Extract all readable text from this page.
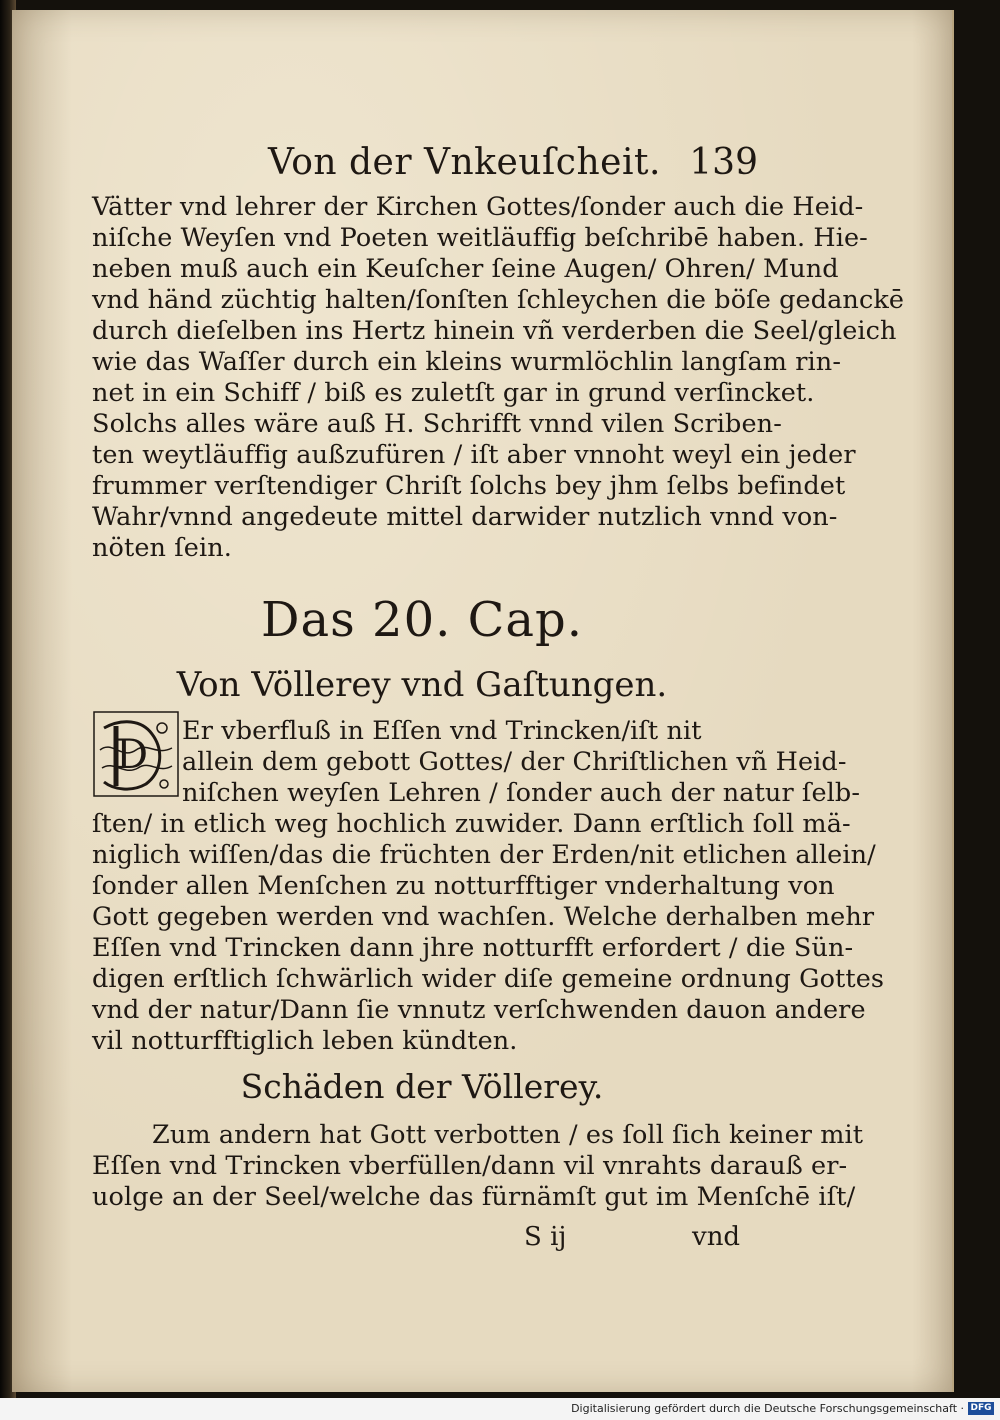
Von der Vnkeuſcheit. 139
Vätter vnd lehrer der Kirchen Gottes/ſonder auch die Heid-
niſche Weyſen vnd Poeten weitläuffig beſchribē haben. Hie-
neben muß auch ein Keuſcher ſeine Augen/ Ohren/ Mund
vnd händ züchtig halten/ſonſten ſchleychen die böſe gedanckē
durch dieſelben ins Hertz hinein vñ verderben die Seel/gleich
wie das Waſſer durch ein kleins wurmlöchlin langſam rin-
net in ein Schiff / biß es zuletſt gar in grund verſincket.
Solchs alles wäre auß H. Schrifft vnnd vilen Scriben-
ten weytläuffig außzufüren / iſt aber vnnoht weyl ein jeder
frummer verſtendiger Chriſt ſolchs bey jhm ſelbs befindet
Wahr/vnnd angedeute mittel darwider nutzlich vnnd von-
nöten ſein.
Das 20. Cap.
Von Völlerey vnd Gaſtungen.
D
Er vberfluß in Eſſen vnd Trincken/iſt nit
allein dem gebott Gottes/ der Chriſtlichen vñ Heid-
niſchen weyſen Lehren / ſonder auch der natur ſelb-
ſten/ in etlich weg hochlich zuwider. Dann erſtlich ſoll mä-
niglich wiſſen/das die früchten der Erden/nit etlichen allein/
ſonder allen Menſchen zu notturfftiger vnderhaltung von
Gott gegeben werden vnd wachſen. Welche derhalben mehr
Eſſen vnd Trincken dann jhre notturfft erfordert / die Sün-
digen erſtlich ſchwärlich wider diſe gemeine ordnung Gottes
vnd der natur/Dann ſie vnnutz verſchwenden dauon andere
vil notturfftiglich leben kündten.
Schäden der Völlerey.
Zum andern hat Gott verbotten / es ſoll ſich keiner mit
Eſſen vnd Trincken vberfüllen/dann vil vnrahts darauß er-
uolge an der Seel/welche das fürnämſt gut im Menſchē iſt/
S ij	vnd
Digitalisierung gefördert durch die Deutsche Forschungsgemeinschaft · DFG
